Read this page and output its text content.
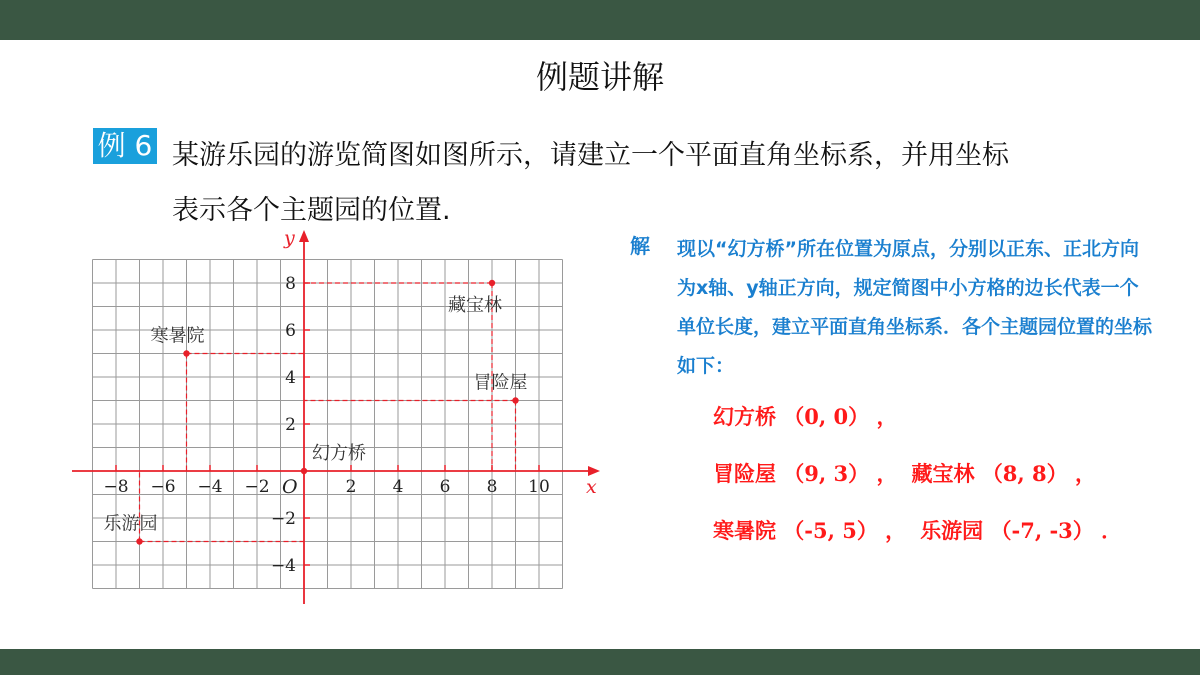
例题讲解
例 6 某游乐园的游览简图如图所示，请建立一个平面直角坐标系，并用坐标
表示各个主题园的位置.
x
y
O
−8 −6 −4 −2	2 4 6 8 10
−4
−2
2
4
6
8
幻方桥
冒险屋
藏宝林
寒暑院
乐游园
解 现以“幻方桥”所在位置为原点，分别以正东、正北方向为x轴、y轴正方向，规定简图中小方格的边长代表一个单位长度，建立平面直角坐标系．各个主题园位置的坐标如下：
幻方桥 （0, 0） ，
冒险屋 （9, 3） ， 藏宝林 （8, 8） ，
寒暑院 （-5, 5） ， 乐游园 （-7, -3） ．
